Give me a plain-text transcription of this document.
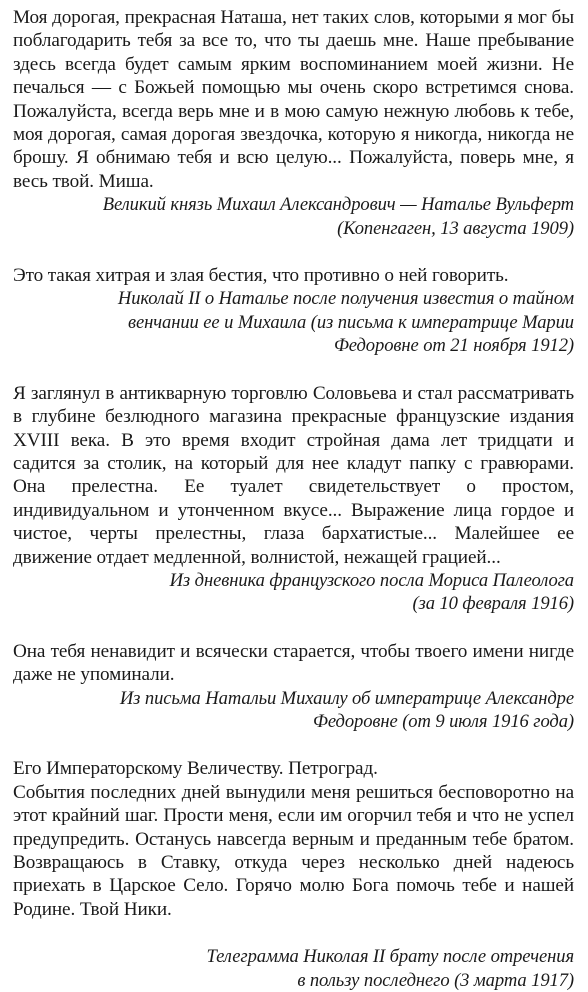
Моя дорогая, прекрасная Наташа, нет таких слов, которыми я мог бы поблагодарить тебя за все то, что ты даешь мне. Наше пребывание здесь всегда будет самым ярким воспоминанием моей жизни. Не печалься — с Божьей помощью мы очень скоро встретимся снова. Пожалуйста, всегда верь мне и в мою самую нежную любовь к тебе, моя дорогая, самая дорогая звездочка, которую я никогда, никогда не брошу. Я обнимаю тебя и всю целую... Пожалуйста, поверь мне, я весь твой. Миша.

Великий князь Михаил Александрович — Наталье Вульферт
(Копенгаген, 13 августа 1909)

Это такая хитрая и злая бестия, что противно о ней говорить.

Николай II о Наталье после получения известия о тайном
венчании ее и Михаила (из письма к императрице Марии
Федоровне от 21 ноября 1912)

Я заглянул в антикварную торговлю Соловьева и стал рассматривать в глубине безлюдного магазина прекрасные французские издания XVIII века. В это время входит стройная дама лет тридцати и садится за столик, на который для нее кладут папку с гравюрами. Она прелестна. Ее туалет свидетельствует о простом, индивидуальном и утонченном вкусе... Выражение лица гордое и чистое, черты прелестны, глаза бархатистые... Малейшее ее движение отдает медленной, волнистой, нежащей грацией...

Из дневника французского посла Мориса Палеолога
(за 10 февраля 1916)

Она тебя ненавидит и всячески старается, чтобы твоего имени нигде даже не упоминали.

Из письма Натальи Михаилу об императрице Александре
Федоровне (от 9 июля 1916 года)

Его Императорскому Величеству. Петроград.

События последних дней вынудили меня решиться бесповоротно на этот крайний шаг. Прости меня, если им огорчил тебя и что не успел предупредить. Останусь навсегда верным и преданным тебе братом. Возвращаюсь в Ставку, откуда через несколько дней надеюсь приехать в Царское Село. Горячо молю Бога помочь тебе и нашей Родине. Твой Ники.

Телеграмма Николая II брату после отречения
в пользу последнего (3 марта 1917)
